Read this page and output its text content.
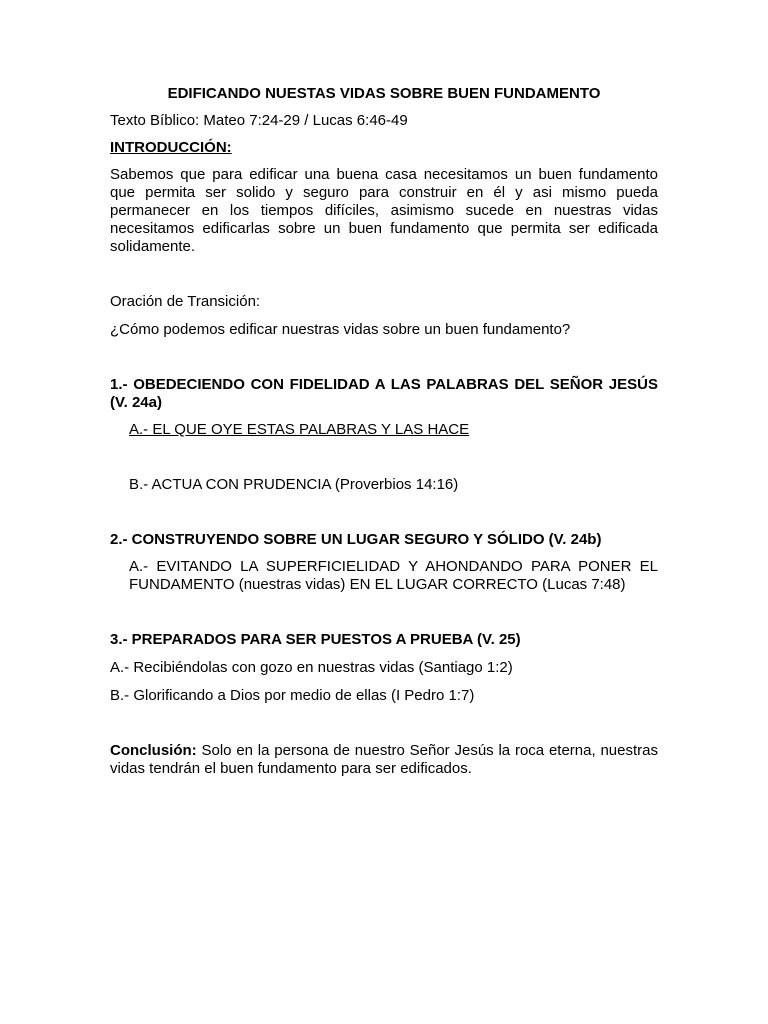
EDIFICANDO NUESTAS VIDAS SOBRE BUEN FUNDAMENTO

Texto Bíblico: Mateo 7:24-29 / Lucas 6:46-49

INTRODUCCIÓN:

Sabemos que para edificar una buena casa necesitamos un buen fundamento que permita ser solido y seguro para construir en él y asi mismo pueda permanecer en los tiempos difíciles, asimismo sucede en nuestras vidas necesitamos edificarlas sobre un buen fundamento que permita ser edificada solidamente.

Oración de Transición:

¿Cómo podemos edificar nuestras vidas sobre un buen fundamento?

1.- OBEDECIENDO CON FIDELIDAD A LAS PALABRAS DEL SEÑOR JESÚS (V. 24a)

A.- EL QUE OYE ESTAS PALABRAS Y LAS HACE

B.- ACTUA CON PRUDENCIA (Proverbios 14:16)

2.- CONSTRUYENDO SOBRE UN LUGAR SEGURO Y SÓLIDO (V. 24b)

A.- EVITANDO LA SUPERFICIELIDAD Y AHONDANDO PARA PONER EL FUNDAMENTO (nuestras vidas) EN EL LUGAR CORRECTO (Lucas 7:48)

3.- PREPARADOS PARA SER PUESTOS A PRUEBA (V. 25)

A.- Recibiéndolas con gozo en nuestras vidas (Santiago 1:2)

B.- Glorificando a Dios por medio de ellas (I Pedro 1:7)

Conclusión: Solo en la persona de nuestro Señor Jesús la roca eterna, nuestras vidas tendrán el buen fundamento para ser edificados.
